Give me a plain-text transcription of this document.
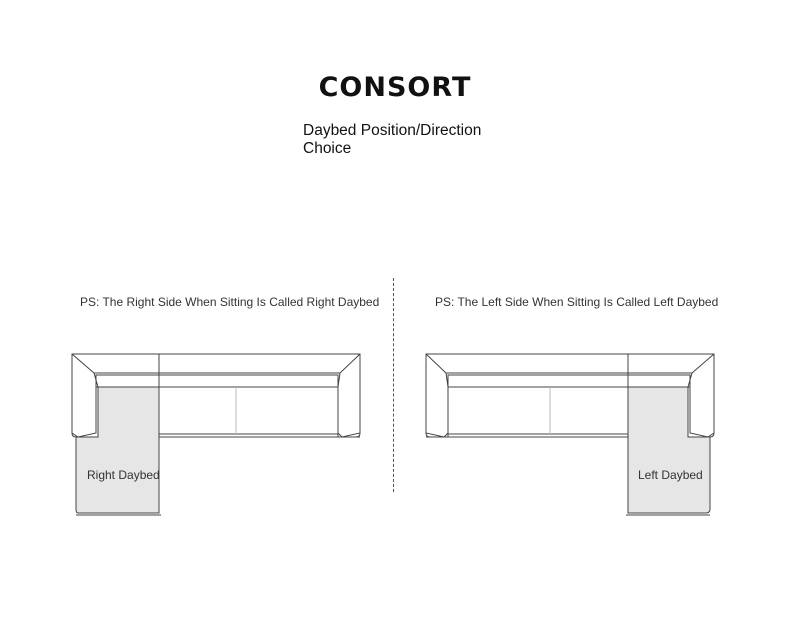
CONSORT
Daybed Position/Direction
Choice
PS: The Right Side When Sitting Is Called Right Daybed	PS: The Left Side When Sitting Is Called Left Daybed
Right Daybed	Left Daybed
